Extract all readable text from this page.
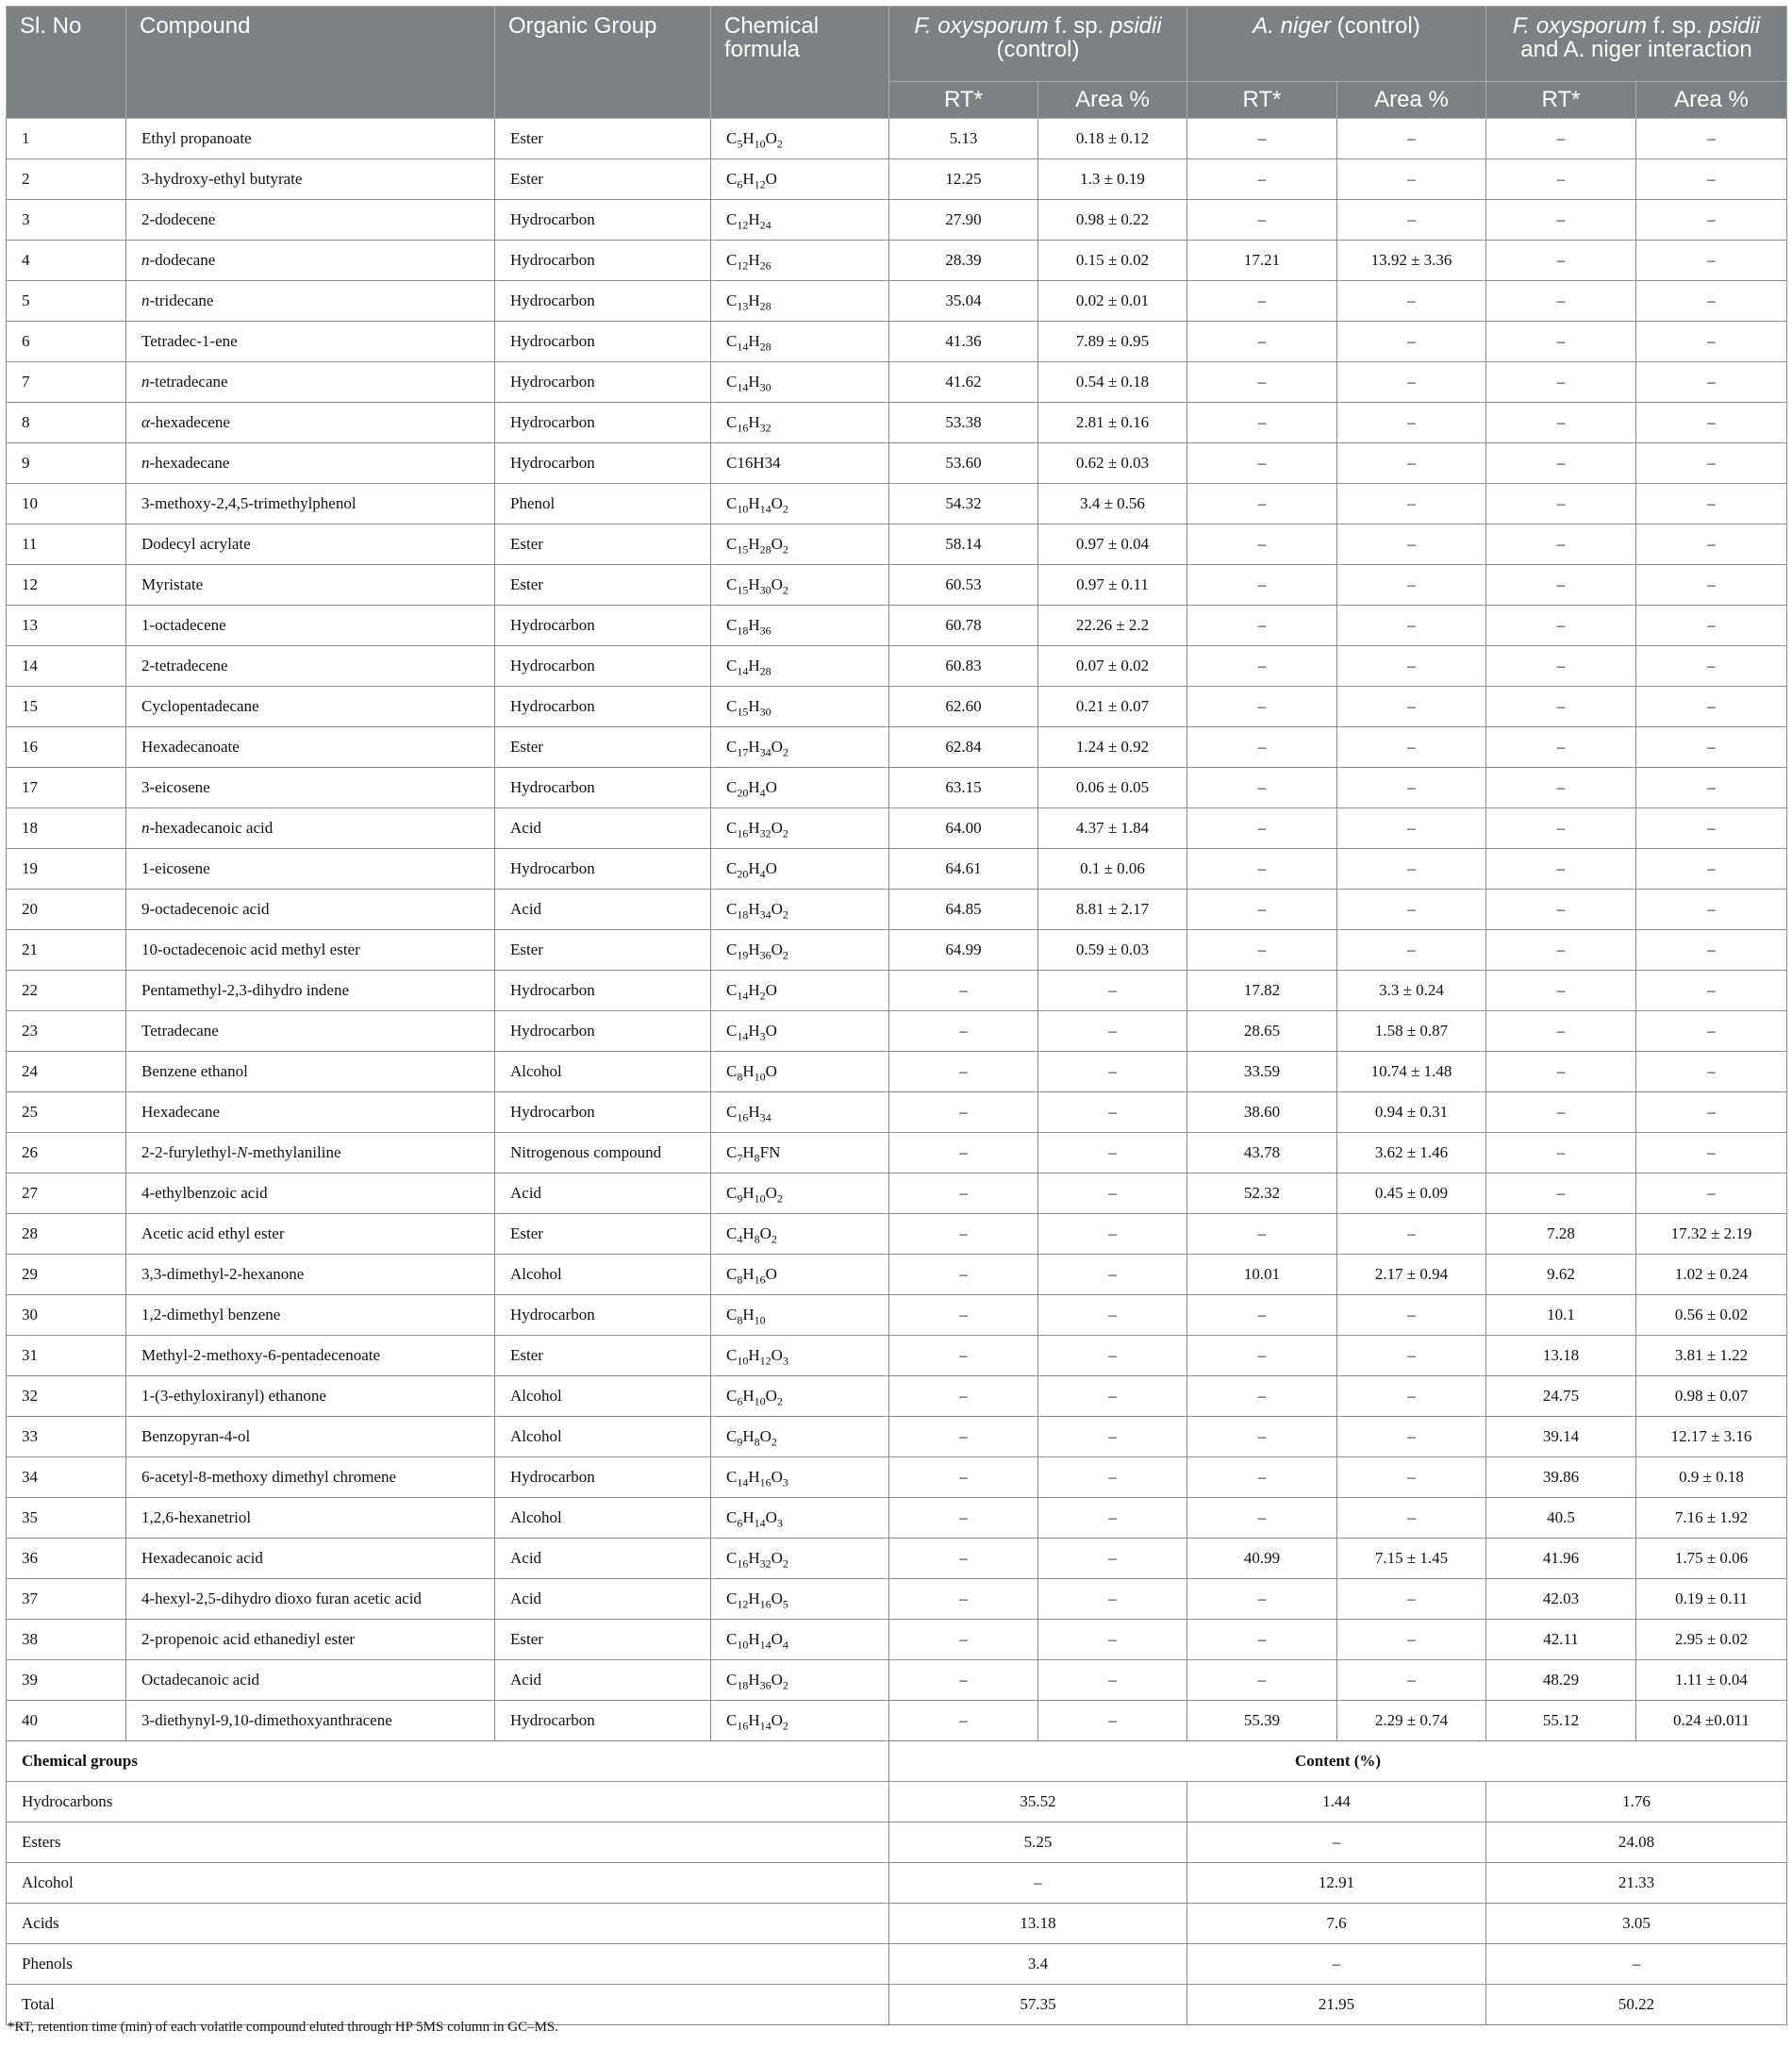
Sl. No	Compound	Organic Group	Chemical formula	F. oxysporum f. sp. psidii (control)		A. niger (control)		F. oxysporum f. sp. psidii and A. niger interaction	
				RT*	Area %	RT*	Area %	RT*	Area %
1	Ethyl propanoate	Ester	$C_5H_{10}O_2$	5.13	0.18 ± 0.12	–	–	–	–
2	3-hydroxy-ethyl butyrate	Ester	$C_6H_{12}O$	12.25	1.3 ± 0.19	–	–	–	–
3	2-dodecene	Hydrocarbon	$C_{12}H_{24}$	27.90	0.98 ± 0.22	–	–	–	–
4	n-dodecane	Hydrocarbon	$C_{12}H_{26}$	28.39	0.15 ± 0.02	17.21	13.92 ± 3.36	–	–
5	n-tridecane	Hydrocarbon	$C_{13}H_{28}$	35.04	0.02 ± 0.01	–	–	–	–
6	Tetradec-1-ene	Hydrocarbon	$C_{14}H_{28}$	41.36	7.89 ± 0.95	–	–	–	–
7	n-tetradecane	Hydrocarbon	$C_{14}H_{30}$	41.62	0.54 ± 0.18	–	–	–	–
8	α-hexadecene	Hydrocarbon	$C_{16}H_{32}$	53.38	2.81 ± 0.16	–	–	–	–
9	n-hexadecane	Hydrocarbon	C16H34	53.60	0.62 ± 0.03	–	–	–	–
10	3-methoxy-2,4,5-trimethylphenol	Phenol	$C_{10}H_{14}O_2$	54.32	3.4 ± 0.56	–	–	–	–
11	Dodecyl acrylate	Ester	$C_{15}H_{28}O_2$	58.14	0.97 ± 0.04	–	–	–	–
12	Myristate	Ester	$C_{15}H_{30}O_2$	60.53	0.97 ± 0.11	–	–	–	–
13	1-octadecene	Hydrocarbon	$C_{18}H_{36}$	60.78	22.26 ± 2.2	–	–	–	–
14	2-tetradecene	Hydrocarbon	$C_{14}H_{28}$	60.83	0.07 ± 0.02	–	–	–	–
15	Cyclopentadecane	Hydrocarbon	$C_{15}H_{30}$	62.60	0.21 ± 0.07	–	–	–	–
16	Hexadecanoate	Ester	$C_{17}H_{34}O_2$	62.84	1.24 ± 0.92	–	–	–	–
17	3-eicosene	Hydrocarbon	$C_{20}H_4O$	63.15	0.06 ± 0.05	–	–	–	–
18	n-hexadecanoic acid	Acid	$C_{16}H_{32}O_2$	64.00	4.37 ± 1.84	–	–	–	–
19	1-eicosene	Hydrocarbon	$C_{20}H_4O$	64.61	0.1 ± 0.06	–	–	–	–
20	9-octadecenoic acid	Acid	$C_{18}H_{34}O_2$	64.85	8.81 ± 2.17	–	–	–	–
21	10-octadecenoic acid methyl ester	Ester	$C_{19}H_{36}O_2$	64.99	0.59 ± 0.03	–	–	–	–
22	Pentamethyl-2,3-dihydro indene	Hydrocarbon	$C_{14}H_2O$	–	–	17.82	3.3 ± 0.24	–	–
23	Tetradecane	Hydrocarbon	$C_{14}H_3O$	–	–	28.65	1.58 ± 0.87	–	–
24	Benzene ethanol	Alcohol	$C_8H_{10}O$	–	–	33.59	10.74 ± 1.48	–	–
25	Hexadecane	Hydrocarbon	$C_{16}H_{34}$	–	–	38.60	0.94 ± 0.31	–	–
26	2-2-furylethyl-N-methylaniline	Nitrogenous compound	$C_7H_8FN$	–	–	43.78	3.62 ± 1.46	–	–
27	4-ethylbenzoic acid	Acid	$C_9H_{10}O_2$	–	–	52.32	0.45 ± 0.09	–	–
28	Acetic acid ethyl ester	Ester	$C_4H_8O_2$	–	–	–	–	7.28	17.32 ± 2.19
29	3,3-dimethyl-2-hexanone	Alcohol	$C_8H_{16}O$	–	–	10.01	2.17 ± 0.94	9.62	1.02 ± 0.24
30	1,2-dimethyl benzene	Hydrocarbon	$C_8H_{10}$	–	–	–	–	10.1	0.56 ± 0.02
31	Methyl-2-methoxy-6-pentadecenoate	Ester	$C_{10}H_{12}O_3$	–	–	–	–	13.18	3.81 ± 1.22
32	1-(3-ethyloxiranyl) ethanone	Alcohol	$C_6H_{10}O_2$	–	–	–	–	24.75	0.98 ± 0.07
33	Benzopyran-4-ol	Alcohol	$C_9H_8O_2$	–	–	–	–	39.14	12.17 ± 3.16
34	6-acetyl-8-methoxy dimethyl chromene	Hydrocarbon	$C_{14}H_{16}O_3$	–	–	–	–	39.86	0.9 ± 0.18
35	1,2,6-hexanetriol	Alcohol	$C_6H_{14}O_3$	–	–	–	–	40.5	7.16 ± 1.92
36	Hexadecanoic acid	Acid	$C_{16}H_{32}O_2$	–	–	40.99	7.15 ± 1.45	41.96	1.75 ± 0.06
37	4-hexyl-2,5-dihydro dioxo furan acetic acid	Acid	$C_{12}H_{16}O_5$	–	–	–	–	42.03	0.19 ± 0.11
38	2-propenoic acid ethanediyl ester	Ester	$C_{10}H_{14}O_4$	–	–	–	–	42.11	2.95 ± 0.02
39	Octadecanoic acid	Acid	$C_{18}H_{36}O_2$	–	–	–	–	48.29	1.11 ± 0.04
40	3-diethynyl-9,10-dimethoxyanthracene	Hydrocarbon	$C_{16}H_{14}O_2$	–	–	55.39	2.29 ± 0.74	55.12	0.24 ±0.011
Chemical groups				Content (%)					
Hydrocarbons				35.52		1.44		1.76	
Esters				5.25		–		24.08	
Alcohol				–		12.91		21.33	
Acids				13.18		7.6		3.05	
Phenols				3.4		–		–	
Total				57.35		21.95		50.22	
*RT, retention time (min) of each volatile compound eluted through HP 5MS column in GC–MS.
